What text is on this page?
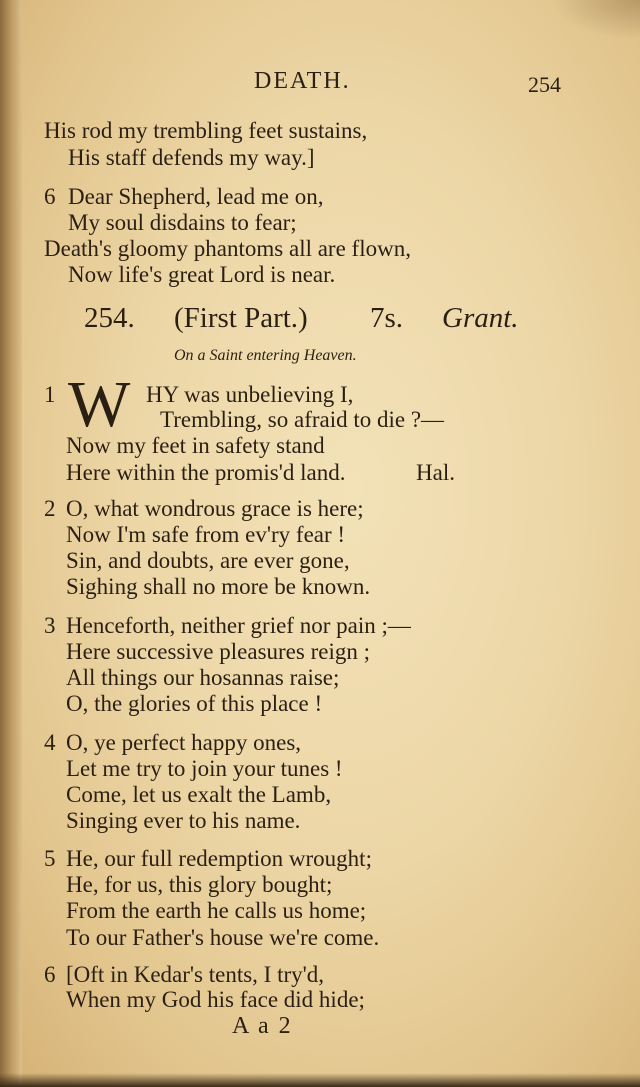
DEATH.	254
His rod my trembling feet sustains,
His staff defends my way.]
6 Dear Shepherd, lead me on,
My soul disdains to fear;
Death's gloomy phantoms all are flown,
Now life's great Lord is near.
254. (First Part.) 7s. Grant.
On a Saint entering Heaven.
1 W HY was unbelieving I,
Trembling, so afraid to die ?—
Now my feet in safety stand
Here within the promis'd land.	Hal.
2 O, what wondrous grace is here;
Now I'm safe from ev'ry fear !
Sin, and doubts, are ever gone,
Sighing shall no more be known.
3 Henceforth, neither grief nor pain ;—
Here successive pleasures reign ;
All things our hosannas raise;
O, the glories of this place !
4 O, ye perfect happy ones,
Let me try to join your tunes !
Come, let us exalt the Lamb,
Singing ever to his name.
5 He, our full redemption wrought;
He, for us, this glory bought;
From the earth he calls us home;
To our Father's house we're come.
6 [Oft in Kedar's tents, I try'd,
When my God his face did hide;
A a 2
